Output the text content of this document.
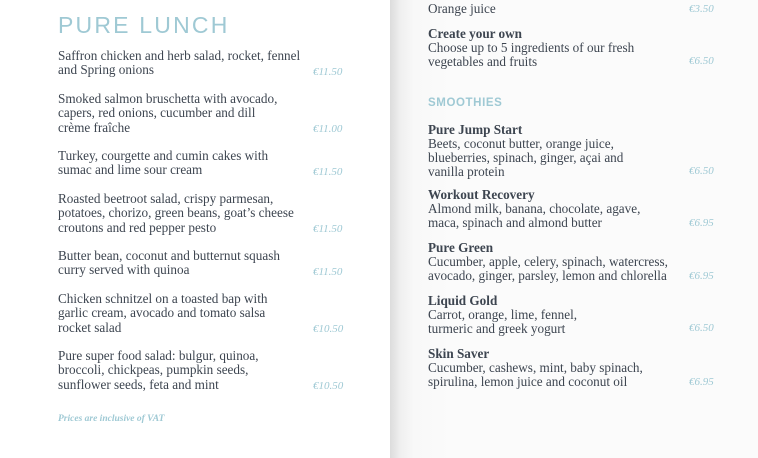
PURE LUNCH
Saffron chicken and herb salad, rocket, fennel and Spring onions	€11.50
Smoked salmon bruschetta with avocado, capers, red onions, cucumber and dill crème fraîche	€11.00
Turkey, courgette and cumin cakes with sumac and lime sour cream	€11.50
Roasted beetroot salad, crispy parmesan, potatoes, chorizo, green beans, goat’s cheese croutons and red pepper pesto	€11.50
Butter bean, coconut and butternut squash curry served with quinoa	€11.50
Chicken schnitzel on a toasted bap with garlic cream, avocado and tomato salsa rocket salad	€10.50
Pure super food salad: bulgur, quinoa, broccoli, chickpeas, pumpkin seeds, sunflower seeds, feta and mint	€10.50
Prices are inclusive of VAT
Orange juice	€3.50
Create your own
Choose up to 5 ingredients of our fresh vegetables and fruits	€6.50
SMOOTHIES
Pure Jump Start
Beets, coconut butter, orange juice, blueberries, spinach, ginger, açai and vanilla protein	€6.50
Workout Recovery
Almond milk, banana, chocolate, agave, maca, spinach and almond butter	€6.95
Pure Green
Cucumber, apple, celery, spinach, watercress, avocado, ginger, parsley, lemon and chlorella	€6.95
Liquid Gold
Carrot, orange, lime, fennel, turmeric and greek yogurt	€6.50
Skin Saver
Cucumber, cashews, mint, baby spinach, spirulina, lemon juice and coconut oil	€6.95
